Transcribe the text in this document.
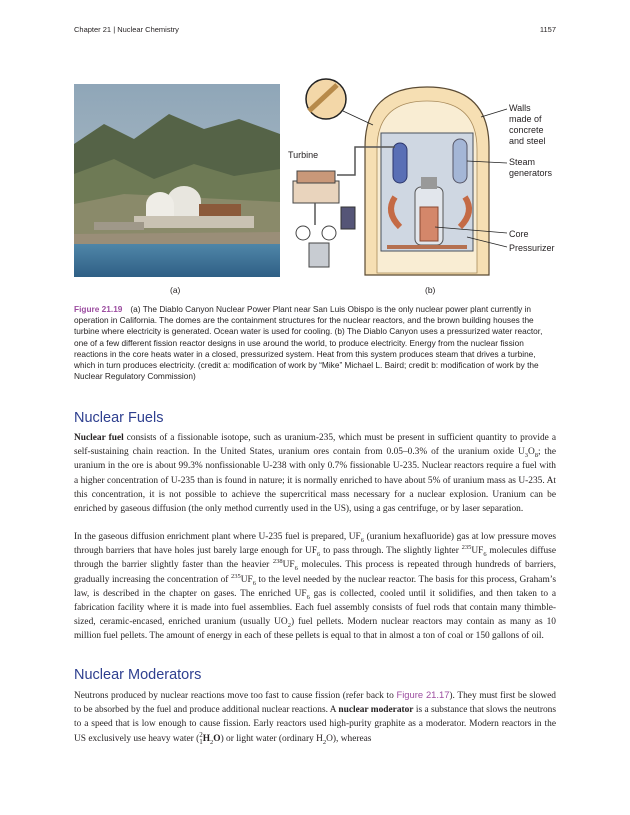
Chapter 21 | Nuclear Chemistry	1157
Turbine
Walls
made of
concrete
and steel
Steam
generators
Core
Pressurizer
(a)	(b)
Figure 21.19 (a) The Diablo Canyon Nuclear Power Plant near San Luis Obispo is the only nuclear power plant currently in operation in California. The domes are the containment structures for the nuclear reactors, and the brown building houses the turbine where electricity is generated. Ocean water is used for cooling. (b) The Diablo Canyon uses a pressurized water reactor, one of a few different fission reactor designs in use around the world, to produce electricity. Energy from the nuclear fission reactions in the core heats water in a closed, pressurized system. Heat from this system produces steam that drives a turbine, which in turn produces electricity. (credit a: modification of work by “Mike” Michael L. Baird; credit b: modification of work by the Nuclear Regulatory Commission)
Nuclear Fuels

Nuclear fuel consists of a fissionable isotope, such as uranium-235, which must be present in sufficient quantity to provide a self-sustaining chain reaction. In the United States, uranium ores contain from 0.05–0.3% of the uranium oxide $U_3O_8$; the uranium in the ore is about 99.3% nonfissionable U-238 with only 0.7% fissionable U-235. Nuclear reactors require a fuel with a higher concentration of U-235 than is found in nature; it is normally enriched to have about 5% of uranium mass as U-235. At this concentration, it is not possible to achieve the supercritical mass necessary for a nuclear explosion. Uranium can be enriched by gaseous diffusion (the only method currently used in the US), using a gas centrifuge, or by laser separation.

In the gaseous diffusion enrichment plant where U-235 fuel is prepared, $UF_6$ (uranium hexafluoride) gas at low pressure moves through barriers that have holes just barely large enough for $UF_6$ to pass through. The slightly lighter $^{235}UF_6$ molecules diffuse through the barrier slightly faster than the heavier $^{238}UF_6$ molecules. This process is repeated through hundreds of barriers, gradually increasing the concentration of $^{235}UF_6$ to the level needed by the nuclear reactor. The basis for this process, Graham’s law, is described in the chapter on gases. The enriched $UF_6$ gas is collected, cooled until it solidifies, and then taken to a fabrication facility where it is made into fuel assemblies. Each fuel assembly consists of fuel rods that contain many thimble-sized, ceramic-encased, enriched uranium (usually $UO_2$) fuel pellets. Modern nuclear reactors may contain as many as 10 million fuel pellets. The amount of energy in each of these pellets is equal to that in almost a ton of coal or 150 gallons of oil.

Nuclear Moderators

Neutrons produced by nuclear reactions move too fast to cause fission (refer back to Figure 21.17). They must first be slowed to be absorbed by the fuel and produce additional nuclear reactions. A nuclear moderator is a substance that slows the neutrons to a speed that is low enough to cause fission. Early reactors used high-purity graphite as a moderator. Modern reactors in the US exclusively use heavy water (2
$1H_2O$) or light water (ordinary $H_2O$), whereas
